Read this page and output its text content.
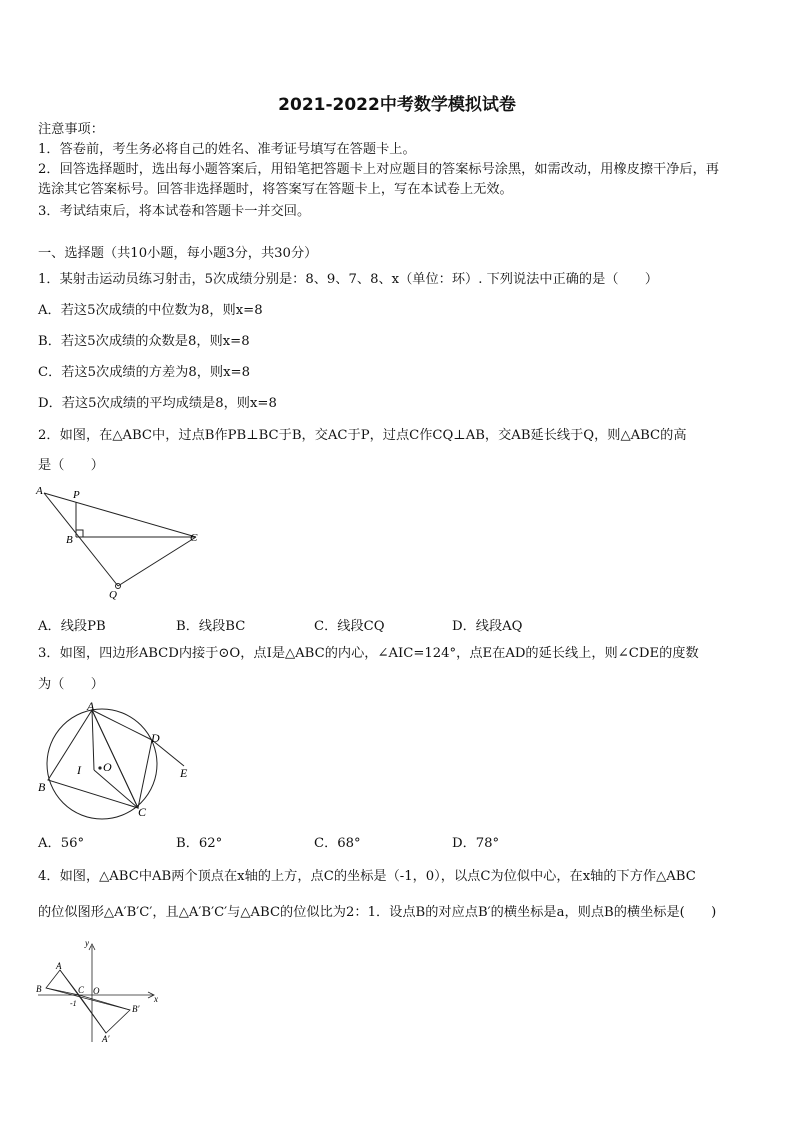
2021-2022中考数学模拟试卷
注意事项：
1．答卷前，考生务必将自己的姓名、准考证号填写在答题卡上。
2．回答选择题时，选出每小题答案后，用铅笔把答题卡上对应题目的答案标号涂黑，如需改动，用橡皮擦干净后，再
选涂其它答案标号。回答非选择题时，将答案写在答题卡上，写在本试卷上无效。
3．考试结束后，将本试卷和答题卡一并交回。
一、选择题（共10小题，每小题3分，共30分）
1．某射击运动员练习射击，5次成绩分别是：8、9、7、8、x（单位：环）. 下列说法中正确的是（　　）
A．若这5次成绩的中位数为8，则x=8
B．若这5次成绩的众数是8，则x=8
C．若这5次成绩的方差为8，则x=8
D．若这5次成绩的平均成绩是8，则x=8
2．如图，在△ABC中，过点B作PB⊥BC于B，交AC于P，过点C作CQ⊥AB，交AB延长线于Q，则△ABC的高
是（　　）
A	P
B	C
Q
A．线段PB	B．线段BC	C．线段CQ	D．线段AQ
3．如图，四边形ABCD内接于⊙O，点I是△ABC的内心，∠AIC=124°，点E在AD的延长线上，则∠CDE的度数
为（　　）
A
D
E
I O
B
C
A．56°	B．62°	C．68°	D．78°
4．如图，△ABC中AB两个顶点在x轴的上方，点C的坐标是（-1，0），以点C为位似中心，在x轴的下方作△ABC
的位似图形△A′B′C′，且△A′B′C′与△ABC的位似比为2：1．设点B的对应点B′的横坐标是a，则点B的横坐标是(　　)
y
x
A
B	C O
-1
B′
A′
